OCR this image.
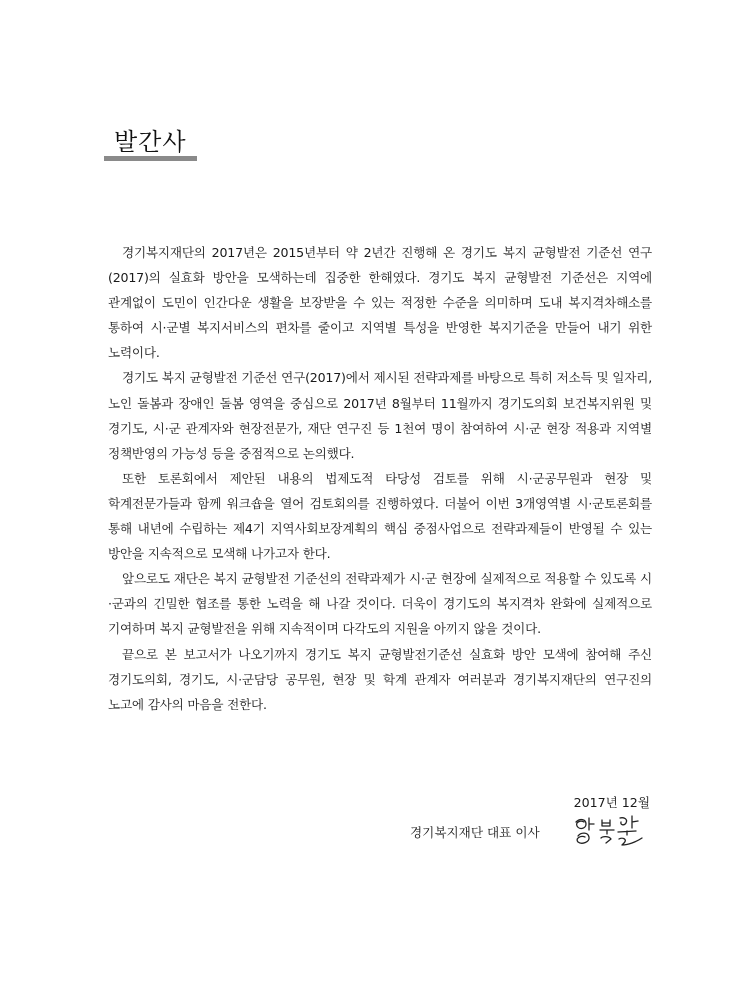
발간사

경기복지재단의 2017년은 2015년부터 약 2년간 진행해 온 경기도 복지 균형발전 기준선 연구(2017)의 실효화 방안을 모색하는데 집중한 한해였다. 경기도 복지 균형발전 기준선은 지역에 관계없이 도민이 인간다운 생활을 보장받을 수 있는 적정한 수준을 의미하며 도내 복지격차해소를 통하여 시·군별 복지서비스의 편차를 줄이고 지역별 특성을 반영한 복지기준을 만들어 내기 위한 노력이다.

경기도 복지 균형발전 기준선 연구(2017)에서 제시된 전략과제를 바탕으로 특히 저소득 및 일자리, 노인 돌봄과 장애인 돌봄 영역을 중심으로 2017년 8월부터 11월까지 경기도의회 보건복지위원 및 경기도, 시·군 관계자와 현장전문가, 재단 연구진 등 1천여 명이 참여하여 시·군 현장 적용과 지역별 정책반영의 가능성 등을 중점적으로 논의했다.

또한 토론회에서 제안된 내용의 법제도적 타당성 검토를 위해 시·군공무원과 현장 및 학계전문가들과 함께 워크숍을 열어 검토회의를 진행하였다. 더불어 이번 3개영역별 시·군토론회를 통해 내년에 수립하는 제4기 지역사회보장계획의 핵심 중점사업으로 전략과제들이 반영될 수 있는 방안을 지속적으로 모색해 나가고자 한다.

앞으로도 재단은 복지 균형발전 기준선의 전략과제가 시·군 현장에 실제적으로 적용할 수 있도록 시·군과의 긴밀한 협조를 통한 노력을 해 나갈 것이다. 더욱이 경기도의 복지격차 완화에 실제적으로 기여하며 복지 균형발전을 위해 지속적이며 다각도의 지원을 아끼지 않을 것이다.

끝으로 본 보고서가 나오기까지 경기도 복지 균형발전기준선 실효화 방안 모색에 참여해 주신 경기도의회, 경기도, 시·군담당 공무원, 현장 및 학계 관계자 여러분과 경기복지재단의 연구진의 노고에 감사의 마음을 전한다.

2017년 12월

경기복지재단 대표 이사
